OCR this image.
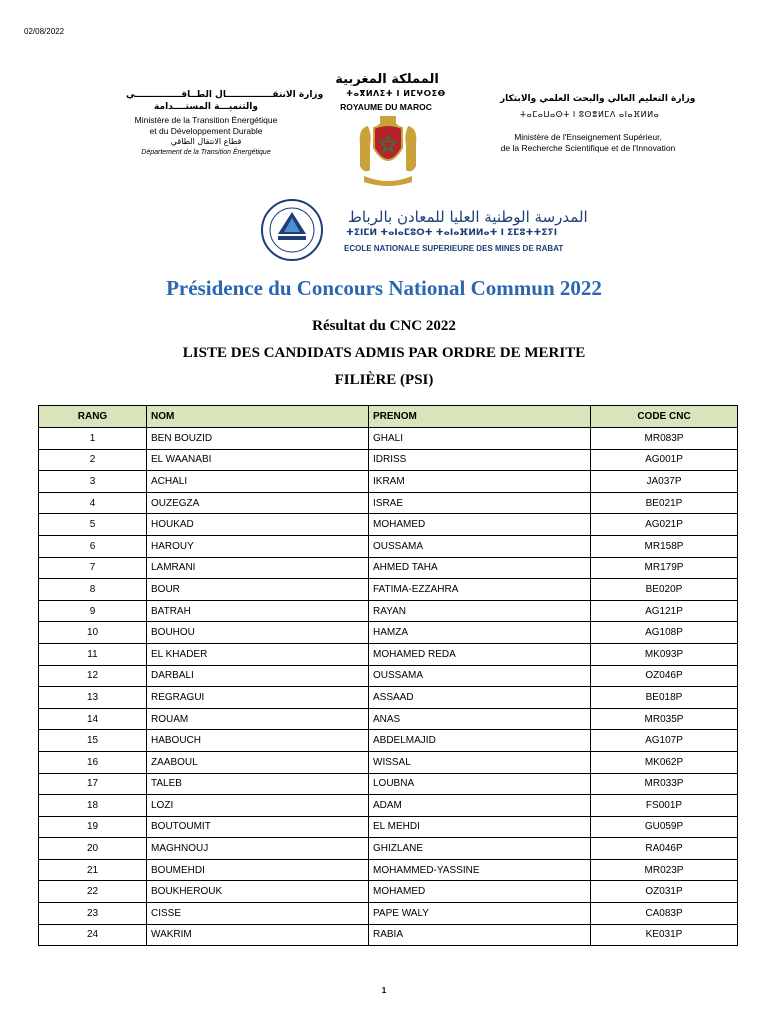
02/08/2022
وزارة الانتقـــــــــــــــال الطــاقـــــــــــــــي
والتنميـــة المستــــدامة
Ministère de la Transition Énergétique
et du Développement Durable
قطاع الانتقال الطاقي
Département de la Transition Énergétique
المملكة المغربية
ⵜⴰⴳⵍⴷⵉⵜ ⵏ ⵍⵎⵖⵔⵉⴱ
ROYAUME DU MAROC
وزارة التعليم العالي والبحث العلمي والابتكار
ⵜⴰⵎⴰⵡⴰⵙⵜ ⵏ ⵓⵙⴻⵍⵎⴷ ⴰⵏⴰⴼⵍⵍⴰ
Ministère de l'Enseignement Supérieur,
de la Recherche Scientifique et de l'Innovation
المدرسة الوطنية العليا للمعادن بالرباط
ⵜⵉⵏⵎⵍ ⵜⴰⵏⴰⵎⵓⵔⵜ ⵜⴰⵏⴰⴼⵍⵍⴰⵜ ⵏ ⵉⵎⵓⵜⵜⵉⵢⵏ
ECOLE NATIONALE SUPERIEURE DES MINES DE RABAT
Présidence du Concours National Commun 2022
Résultat du CNC 2022
LISTE DES CANDIDATS ADMIS PAR ORDRE DE MERITE
FILIÈRE (PSI)
RANG	NOM	PRENOM	CODE CNC
1	BEN BOUZID	GHALI	MR083P
2	EL WAANABI	IDRISS	AG001P
3	ACHALI	IKRAM	JA037P
4	OUZEGZA	ISRAE	BE021P
5	HOUKAD	MOHAMED	AG021P
6	HAROUY	OUSSAMA	MR158P
7	LAMRANI	AHMED TAHA	MR179P
8	BOUR	FATIMA-EZZAHRA	BE020P
9	BATRAH	RAYAN	AG121P
10	BOUHOU	HAMZA	AG108P
11	EL KHADER	MOHAMED REDA	MK093P
12	DARBALI	OUSSAMA	OZ046P
13	REGRAGUI	ASSAAD	BE018P
14	ROUAM	ANAS	MR035P
15	HABOUCH	ABDELMAJID	AG107P
16	ZAABOUL	WISSAL	MK062P
17	TALEB	LOUBNA	MR033P
18	LOZI	ADAM	FS001P
19	BOUTOUMIT	EL MEHDI	GU059P
20	MAGHNOUJ	GHIZLANE	RA046P
21	BOUMEHDI	MOHAMMED-YASSINE	MR023P
22	BOUKHEROUK	MOHAMED	OZ031P
23	CISSE	PAPE WALY	CA083P
24	WAKRIM	RABIA	KE031P
1
